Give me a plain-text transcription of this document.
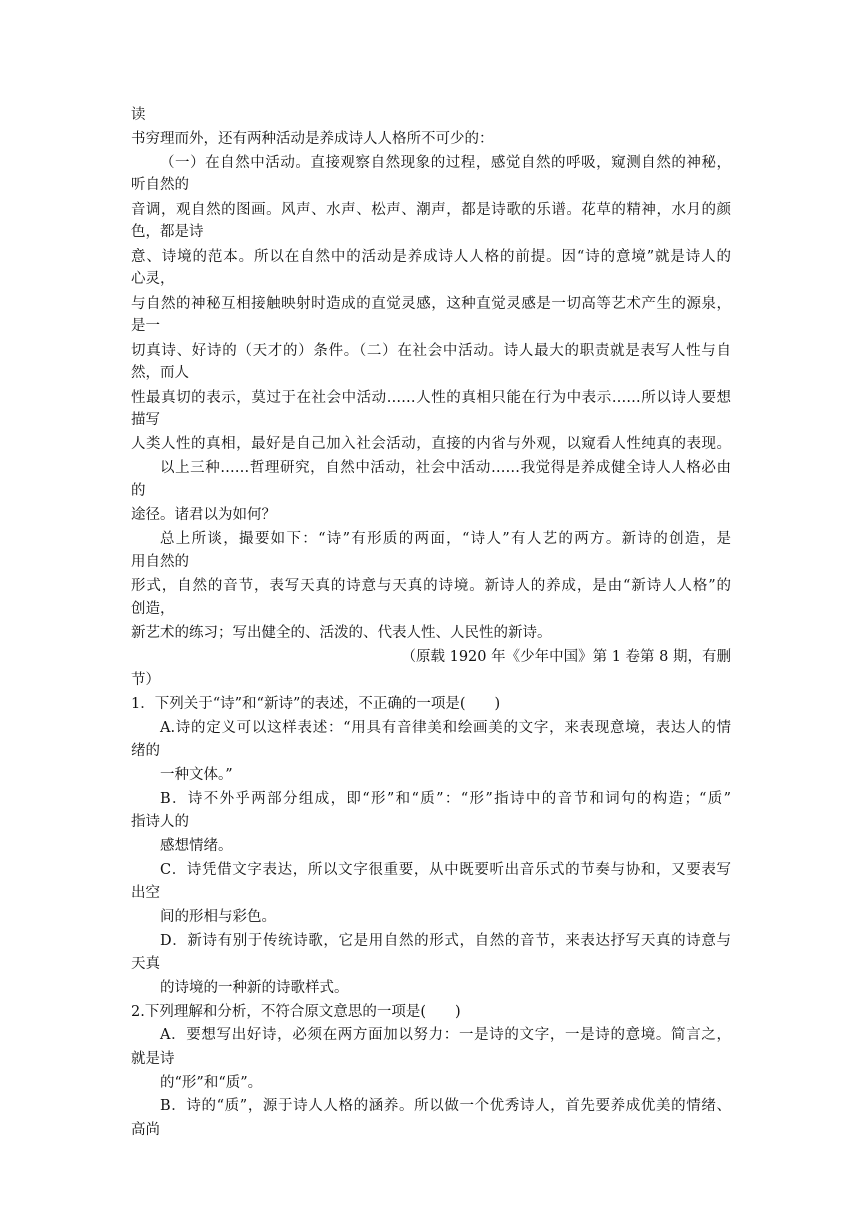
读
书穷理而外，还有两种活动是养成诗人人格所不可少的：
（一）在自然中活动。直接观察自然现象的过程，感觉自然的呼吸，窥测自然的神秘，
听自然的
音调，观自然的图画。风声、水声、松声、潮声，都是诗歌的乐谱。花草的精神，水月的颜
色，都是诗
意、诗境的范本。所以在自然中的活动是养成诗人人格的前提。因“诗的意境”就是诗人的
心灵，
与自然的神秘互相接触映射时造成的直觉灵感，这种直觉灵感是一切高等艺术产生的源泉，
是一
切真诗、好诗的（天才的）条件。（二）在社会中活动。诗人最大的职责就是表写人性与自
然，而人
性最真切的表示，莫过于在社会中活动……人性的真相只能在行为中表示……所以诗人要想
描写
人类人性的真相，最好是自己加入社会活动，直接的内省与外观，以窥看人性纯真的表现。
以上三种……哲理研究，自然中活动，社会中活动……我觉得是养成健全诗人人格必由
的
途径。诸君以为如何？
总上所谈，撮要如下：“诗”有形质的两面，“诗人”有人艺的两方。新诗的创造，是
用自然的
形式，自然的音节，表写天真的诗意与天真的诗境。新诗人的养成，是由“新诗人人格”的
创造，
新艺术的练习；写出健全的、活泼的、代表人性、人民性的新诗。
（原载 1920 年《少年中国》第 1 卷第 8 期，有删
节）
1．下列关于“诗”和“新诗”的表述，不正确的一项是(　　)
A.诗的定义可以这样表述：“用具有音律美和绘画美的文字，来表现意境，表达人的情
绪的
一种文体。”
B．诗不外乎两部分组成，即“形”和“质”：“形”指诗中的音节和词句的构造；“质”
指诗人的
感想情绪。
C．诗凭借文字表达，所以文字很重要，从中既要听出音乐式的节奏与协和，又要表写
出空
间的形相与彩色。
D．新诗有别于传统诗歌，它是用自然的形式，自然的音节，来表达抒写天真的诗意与
天真
的诗境的一种新的诗歌样式。
2.下列理解和分析，不符合原文意思的一项是(　　)
A．要想写出好诗，必须在两方面加以努力：一是诗的文字，一是诗的意境。简言之，
就是诗
的“形”和“质”。
B．诗的“质”，源于诗人人格的涵养。所以做一个优秀诗人，首先要养成优美的情绪、
高尚
